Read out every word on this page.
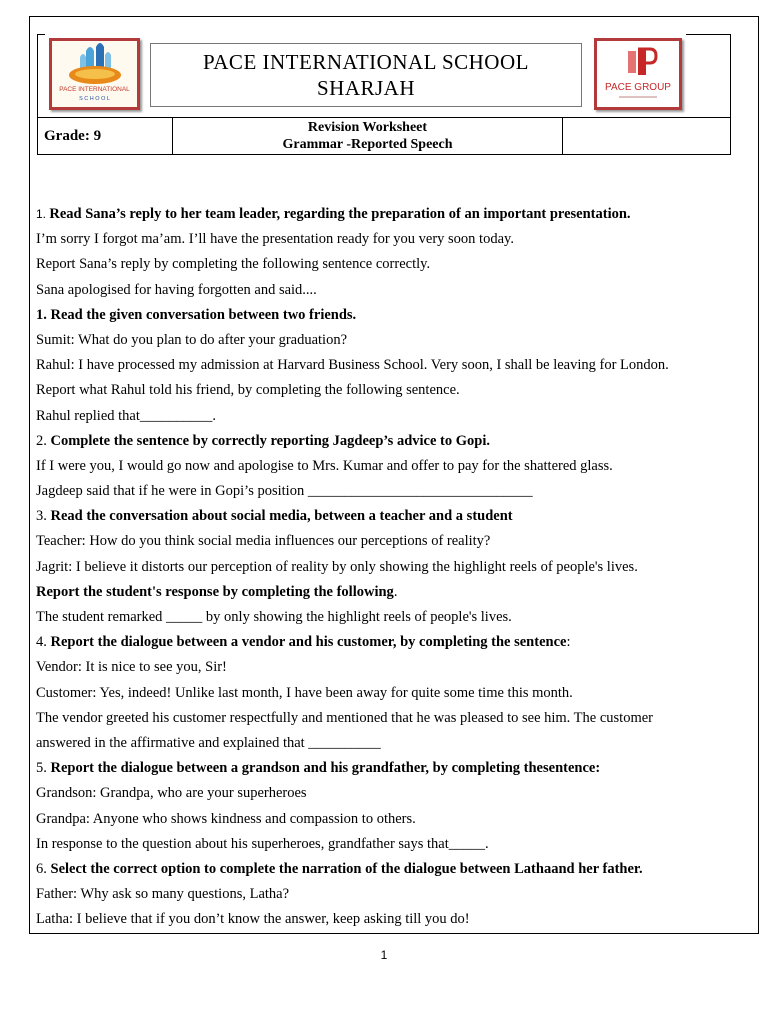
PACE INTERNATIONAL
S C H O O L
PACE INTERNATIONAL SCHOOL
SHARJAH	PACE GROUP
Grade: 9	Revision Worksheet
Grammar -Reported Speech

1. Read Sana’s reply to her team leader, regarding the preparation of an important presentation.
I’m sorry I forgot ma’am. I’ll have the presentation ready for you very soon today.
Report Sana’s reply by completing the following sentence correctly.
Sana apologised for having forgotten and said....
1. Read the given conversation between two friends.
Sumit: What do you plan to do after your graduation?
Rahul: I have processed my admission at Harvard Business School. Very soon, I shall be leaving for London.
Report what Rahul told his friend, by completing the following sentence.
Rahul replied that__________.
2. Complete the sentence by correctly reporting Jagdeep’s advice to Gopi.
If I were you, I would go now and apologise to Mrs. Kumar and offer to pay for the shattered glass.
Jagdeep said that if he were in Gopi’s position _______________________________
3. Read the conversation about social media, between a teacher and a student
Teacher: How do you think social media influences our perceptions of reality?
Jagrit: I believe it distorts our perception of reality by only showing the highlight reels of people's lives.
Report the student's response by completing the following.
The student remarked _____ by only showing the highlight reels of people's lives.
4. Report the dialogue between a vendor and his customer, by completing the sentence:
Vendor: It is nice to see you, Sir!
Customer: Yes, indeed! Unlike last month, I have been away for quite some time this month.
The vendor greeted his customer respectfully and mentioned that he was pleased to see him. The customer
answered in the affirmative and explained that __________
5. Report the dialogue between a grandson and his grandfather, by completing thesentence:
Grandson: Grandpa, who are your superheroes
Grandpa: Anyone who shows kindness and compassion to others.
In response to the question about his superheroes, grandfather says that_____.
6. Select the correct option to complete the narration of the dialogue between Lathaand her father.
Father: Why ask so many questions, Latha?
Latha: I believe that if you don’t know the answer, keep asking till you do!
1
